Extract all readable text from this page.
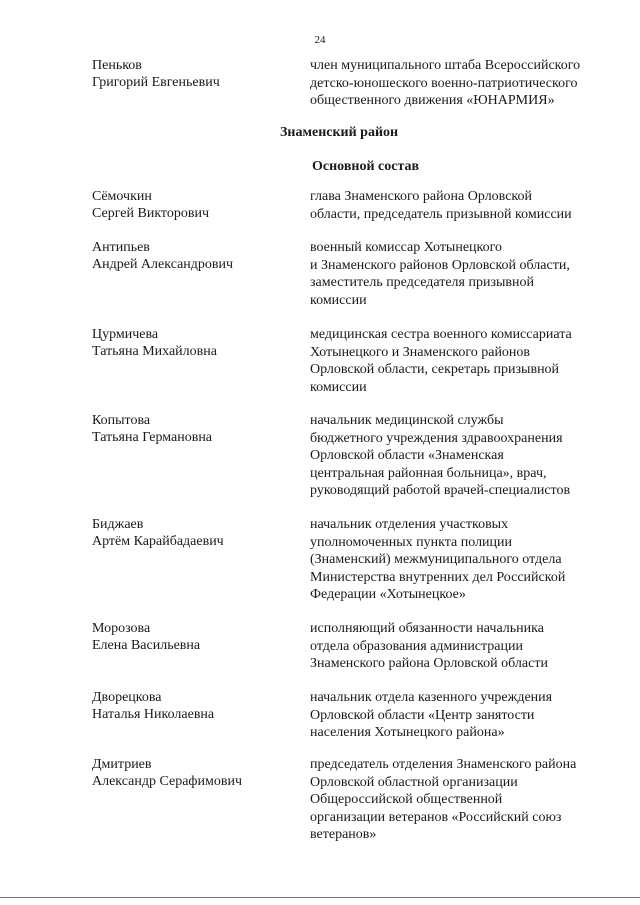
24
Пеньков
Григорий Евгеньевич
член муниципального штаба Всероссийского
детско-юношеского военно-патриотического
общественного движения «ЮНАРМИЯ»
Знаменский район
Основной состав
Сёмочкин
Сергей Викторович
глава Знаменского района Орловской
области, председатель призывной комиссии
Антипьев
Андрей Александрович
военный комиссар Хотынецкого
и Знаменского районов Орловской области,
заместитель председателя призывной
комиссии
Цурмичева
Татьяна Михайловна
медицинская сестра военного комиссариата
Хотынецкого и Знаменского районов
Орловской области, секретарь призывной
комиссии
Копытова
Татьяна Германовна
начальник медицинской службы
бюджетного учреждения здравоохранения
Орловской области «Знаменская
центральная районная больница», врач,
руководящий работой врачей-специалистов
Биджаев
Артём Карайбадаевич
начальник отделения участковых
уполномоченных пункта полиции
(Знаменский) межмуниципального отдела
Министерства внутренних дел Российской
Федерации «Хотынецкое»
Морозова
Елена Васильевна
исполняющий обязанности начальника
отдела образования администрации
Знаменского района Орловской области
Дворецкова
Наталья Николаевна
начальник отдела казенного учреждения
Орловской области «Центр занятости
населения Хотынецкого района»
Дмитриев
Александр Серафимович
председатель отделения Знаменского района
Орловской областной организации
Общероссийской общественной
организации ветеранов «Российский союз
ветеранов»
